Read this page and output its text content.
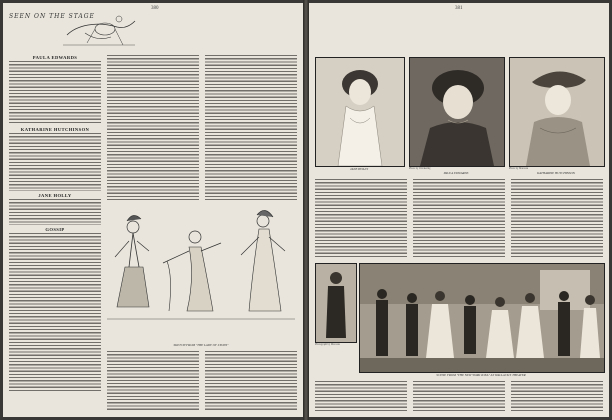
380
SEEN ON THE STAGE
PAULA EDWARDS
KATHARINE HUTCHINSON
JANE HOLLY
GOSSIP
SKETCH FROM "THE LADY OF LYONS"
381
JANE HOLLY	Photo by Chickering
PAULA EDWARDS
Photo by Marceau
KATHARINE HUTCHINSON
Photograph by Marceau
SCENE FROM "THE NEW YORK IDEA" AT WALLACK'S THEATER
